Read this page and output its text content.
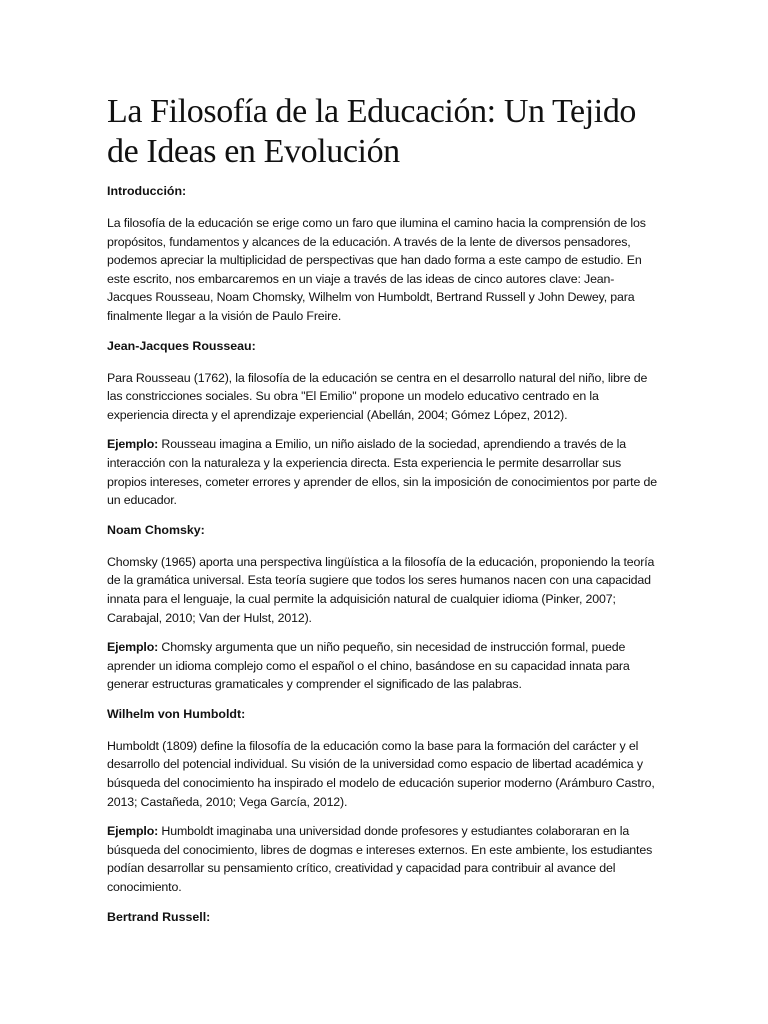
La Filosofía de la Educación: Un Tejido de Ideas en Evolución
Introducción:

La filosofía de la educación se erige como un faro que ilumina el camino hacia la comprensión de los propósitos, fundamentos y alcances de la educación. A través de la lente de diversos pensadores, podemos apreciar la multiplicidad de perspectivas que han dado forma a este campo de estudio. En este escrito, nos embarcaremos en un viaje a través de las ideas de cinco autores clave: Jean-Jacques Rousseau, Noam Chomsky, Wilhelm von Humboldt, Bertrand Russell y John Dewey, para finalmente llegar a la visión de Paulo Freire.

Jean-Jacques Rousseau:

Para Rousseau (1762), la filosofía de la educación se centra en el desarrollo natural del niño, libre de las constricciones sociales. Su obra "El Emilio" propone un modelo educativo centrado en la experiencia directa y el aprendizaje experiencial (Abellán, 2004; Gómez López, 2012).

Ejemplo: Rousseau imagina a Emilio, un niño aislado de la sociedad, aprendiendo a través de la interacción con la naturaleza y la experiencia directa. Esta experiencia le permite desarrollar sus propios intereses, cometer errores y aprender de ellos, sin la imposición de conocimientos por parte de un educador.

Noam Chomsky:

Chomsky (1965) aporta una perspectiva lingüística a la filosofía de la educación, proponiendo la teoría de la gramática universal. Esta teoría sugiere que todos los seres humanos nacen con una capacidad innata para el lenguaje, la cual permite la adquisición natural de cualquier idioma (Pinker, 2007; Carabajal, 2010; Van der Hulst, 2012).

Ejemplo: Chomsky argumenta que un niño pequeño, sin necesidad de instrucción formal, puede aprender un idioma complejo como el español o el chino, basándose en su capacidad innata para generar estructuras gramaticales y comprender el significado de las palabras.

Wilhelm von Humboldt:

Humboldt (1809) define la filosofía de la educación como la base para la formación del carácter y el desarrollo del potencial individual. Su visión de la universidad como espacio de libertad académica y búsqueda del conocimiento ha inspirado el modelo de educación superior moderno (Arámburo Castro, 2013; Castañeda, 2010; Vega García, 2012).

Ejemplo: Humboldt imaginaba una universidad donde profesores y estudiantes colaboraran en la búsqueda del conocimiento, libres de dogmas e intereses externos. En este ambiente, los estudiantes podían desarrollar su pensamiento crítico, creatividad y capacidad para contribuir al avance del conocimiento.

Bertrand Russell:
